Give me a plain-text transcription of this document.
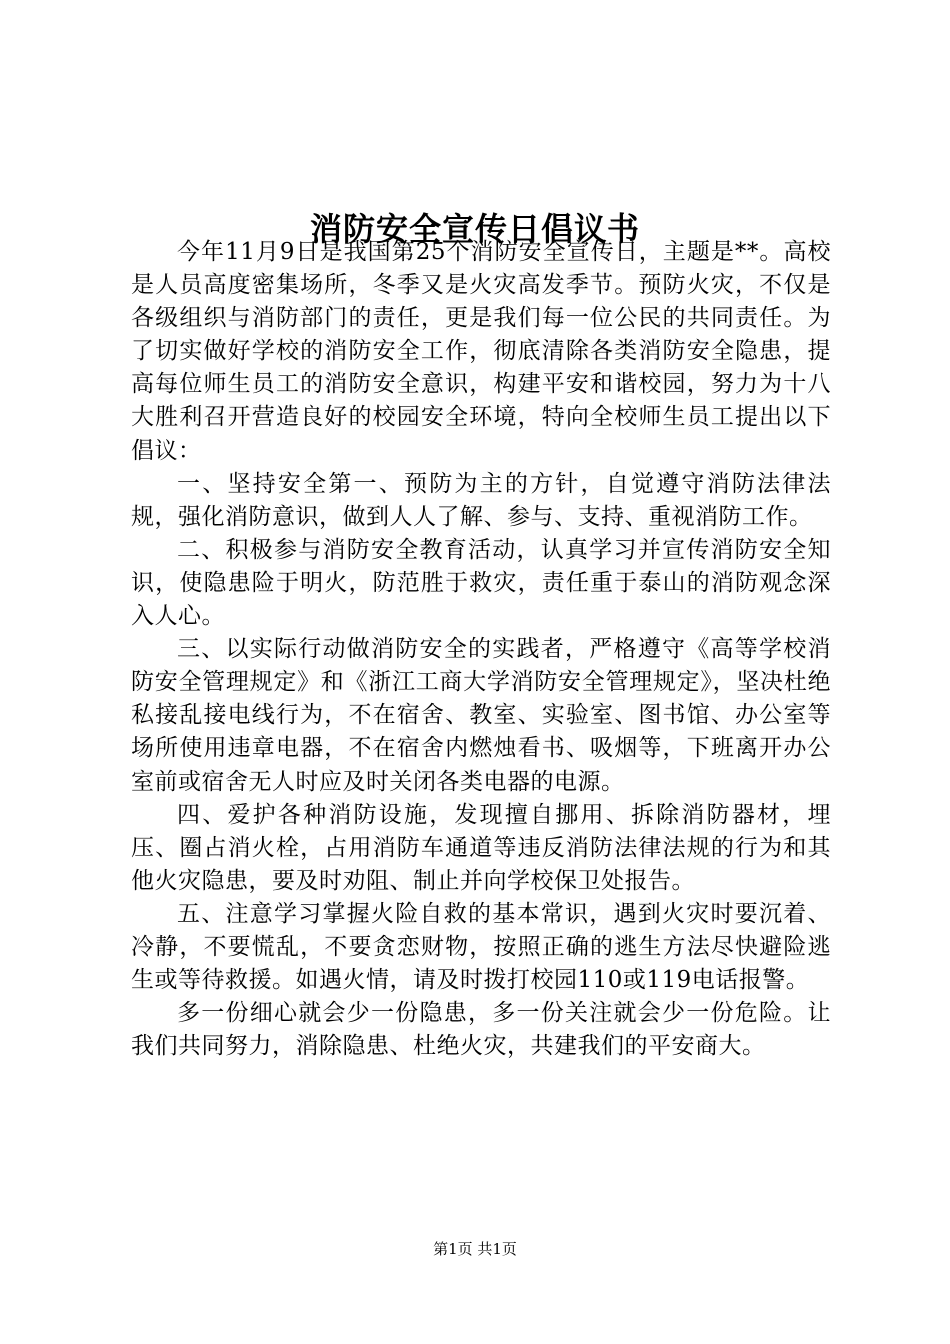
消防安全宣传日倡议书

今年11月9日是我国第25个消防安全宣传日，主题是**。高校是人员高度密集场所，冬季又是火灾高发季节。预防火灾，不仅是各级组织与消防部门的责任，更是我们每一位公民的共同责任。为了切实做好学校的消防安全工作，彻底清除各类消防安全隐患，提高每位师生员工的消防安全意识，构建平安和谐校园，努力为十八大胜利召开营造良好的校园安全环境，特向全校师生员工提出以下倡议：

一、坚持安全第一、预防为主的方针，自觉遵守消防法律法规，强化消防意识，做到人人了解、参与、支持、重视消防工作。

二、积极参与消防安全教育活动，认真学习并宣传消防安全知识，使隐患险于明火，防范胜于救灾，责任重于泰山的消防观念深入人心。

三、以实际行动做消防安全的实践者，严格遵守《高等学校消防安全管理规定》和《浙江工商大学消防安全管理规定》，坚决杜绝私接乱接电线行为，不在宿舍、教室、实验室、图书馆、办公室等场所使用违章电器，不在宿舍内燃烛看书、吸烟等，下班离开办公室前或宿舍无人时应及时关闭各类电器的电源。

四、爱护各种消防设施，发现擅自挪用、拆除消防器材，埋压、圈占消火栓，占用消防车通道等违反消防法律法规的行为和其他火灾隐患，要及时劝阻、制止并向学校保卫处报告。

五、注意学习掌握火险自救的基本常识，遇到火灾时要沉着、冷静，不要慌乱，不要贪恋财物，按照正确的逃生方法尽快避险逃生或等待救援。如遇火情，请及时拨打校园110或119电话报警。

多一份细心就会少一份隐患，多一份关注就会少一份危险。让我们共同努力，消除隐患、杜绝火灾，共建我们的平安商大。

第1页 共1页
